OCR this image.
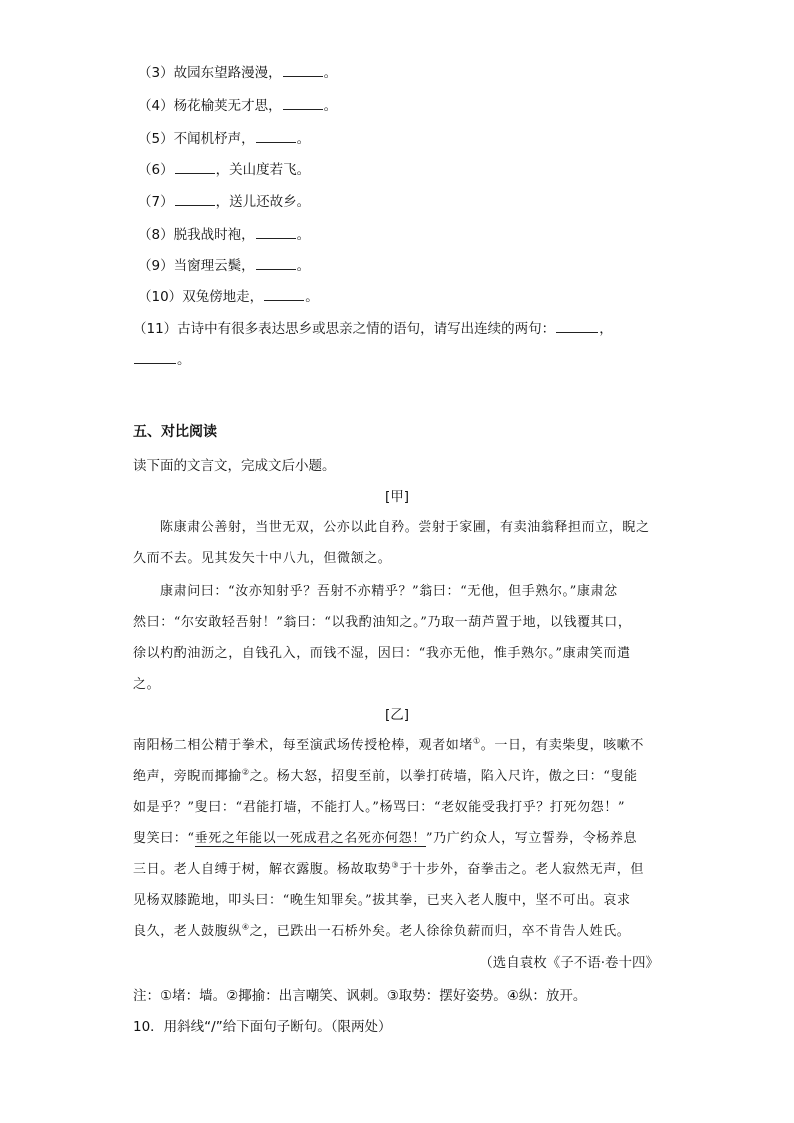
（3）故园东望路漫漫，	。
（4）杨花榆荚无才思，	。
（5）不闻机杼声，	。
（6）	，关山度若飞。
（7）	，送儿还故乡。
（8）脱我战时袍，	。
（9）当窗理云鬓，	。
（10）双兔傍地走，	。
（11）古诗中有很多表达思乡或思亲之情的语句，请写出连续的两句：	，
。
五、对比阅读
读下面的文言文，完成文后小题。
[甲]
陈康肃公善射，当世无双，公亦以此自矜。尝射于家圃，有卖油翁释担而立，睨之
久而不去。见其发矢十中八九，但微颔之。
康肃问曰：“汝亦知射乎？吾射不亦精乎？”翁曰：“无他，但手熟尔。”康肃忿
然曰：“尔安敢轻吾射！”翁曰：“以我酌油知之。”乃取一葫芦置于地，以钱覆其口，
徐以杓酌油沥之，自钱孔入，而钱不湿，因曰：“我亦无他，惟手熟尔。”康肃笑而遣
之。
[乙]
南阳杨二相公精于拳术，每至演武场传授枪棒，观者如堵①。一日，有卖柴叟，咳嗽不
绝声，旁睨而揶揄②之。杨大怒，招叟至前，以拳打砖墙，陷入尺许，傲之曰：“叟能
如是乎？”叟曰：“君能打墙，不能打人。”杨骂曰：“老奴能受我打乎？打死勿怨！”
叟笑曰：“垂死之年能以一死成君之名死亦何怨！”乃广约众人，写立誓券，令杨养息
三日。老人自缚于树，解衣露腹。杨故取势③于十步外，奋拳击之。老人寂然无声，但
见杨双膝跪地，叩头曰：“晚生知罪矣。”拔其拳，已夹入老人腹中，坚不可出。哀求
良久，老人鼓腹纵④之，已跌出一石桥外矣。老人徐徐负薪而归，卒不肯告人姓氏。
（选自袁枚《子不语·卷十四》
注：①堵：墙。②揶揄：出言嘲笑、讽刺。③取势：摆好姿势。④纵：放开。
10．用斜线“/”给下面句子断句。（限两处）
